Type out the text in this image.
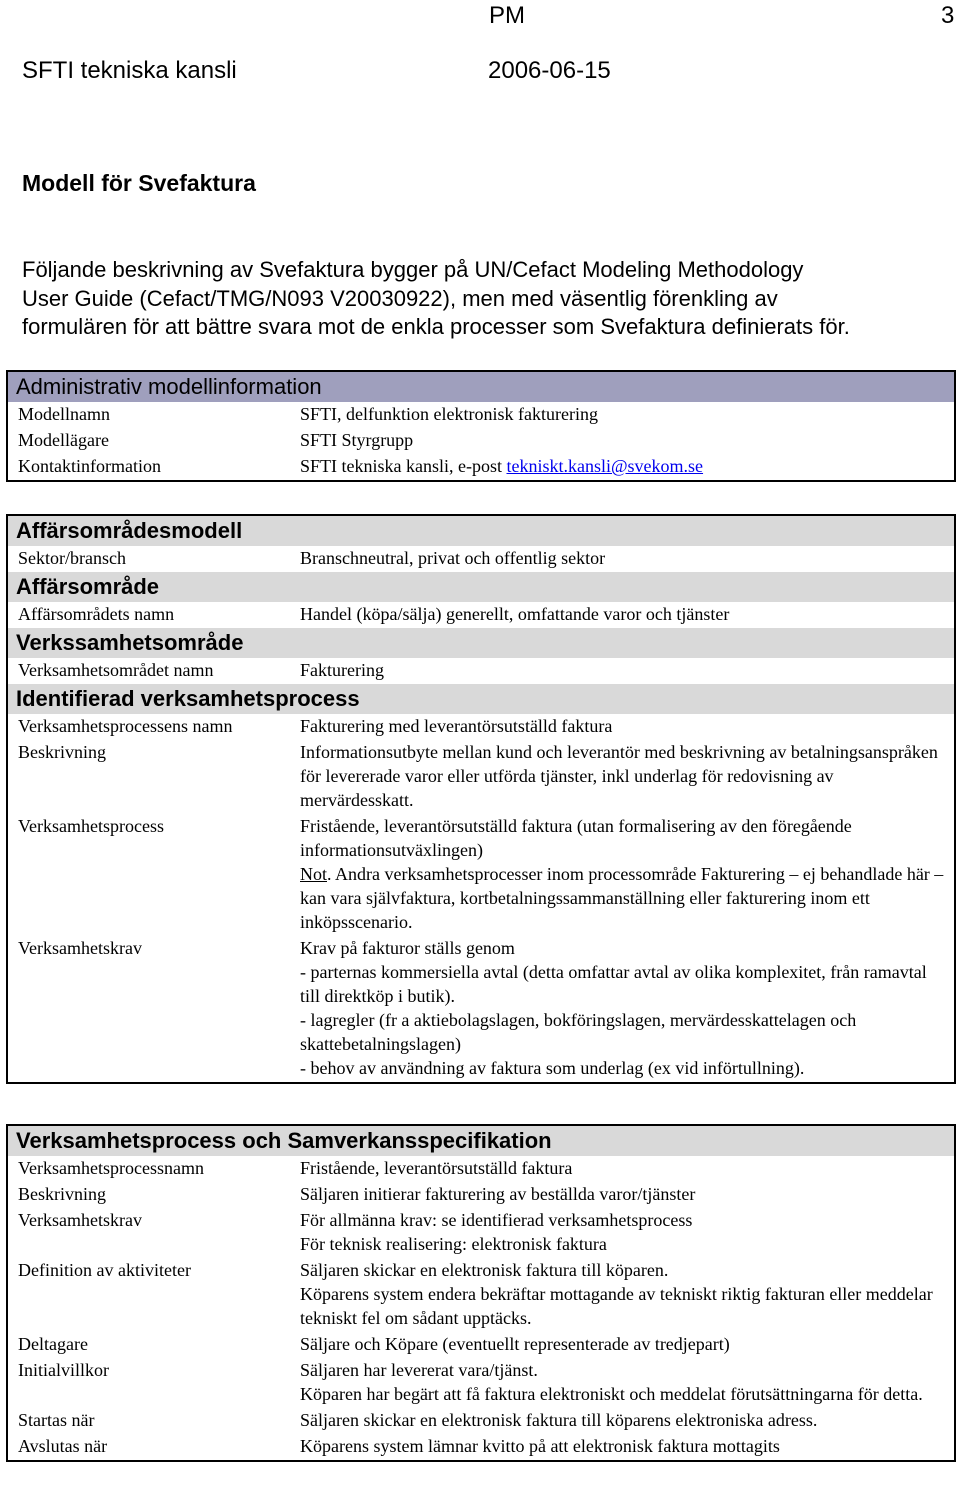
PM	3
SFTI tekniska kansli	2006-06-15
Modell för Svefaktura

Följande beskrivning av Svefaktura bygger på UN/Cefact Modeling Methodology

User Guide (Cefact/TMG/N093 V20030922), men med väsentlig förenkling av

formulären för att bättre svara mot de enkla processer som Svefaktura definierats för.

Administrativ modellinformation	
Modellnamn	SFTI, delfunktion elektronisk fakturering
Modellägare	SFTI Styrgrupp
Kontaktinformation	SFTI tekniska kansli, e-post tekniskt.kansli@svekom.se
Affärsområdesmodell	
Sektor/bransch	Branschneutral, privat och offentlig sektor
Affärsområde	
Affärsområdets namn	Handel (köpa/sälja) generellt, omfattande varor och tjänster
Verkssamhetsområde	
Verksamhetsområdet namn	Fakturering
Identifierad verksamhetsprocess	
Verksamhetsprocessens namn	Fakturering med leverantörsutställd faktura
Beskrivning	Informationsutbyte mellan kund och leverantör med beskrivning av betalningsanspråken för levererade varor eller utförda tjänster, inkl underlag för redovisning av mervärdesskatt.
Verksamhetsprocess	Fristående, leverantörsutställd faktura (utan formalisering av den föregående informationsutväxlingen)
Not. Andra verksamhetsprocesser inom processområde Fakturering – ej behandlade här – kan vara självfaktura, kortbetalningssammanställning eller fakturering inom ett inköpsscenario.

Verksamhetskrav	Krav på fakturor ställs genom
- parternas kommersiella avtal (detta omfattar avtal av olika komplexitet, från ramavtal till direktköp i butik).
- lagregler (fr a aktiebolagslagen, bokföringslagen, mervärdesskattelagen och skattebetalningslagen)
- behov av användning av faktura som underlag (ex vid införtullning).
Verksamhetsprocess och Samverkansspecifikation	
Verksamhetsprocessnamn	Fristående, leverantörsutställd faktura

Beskrivning	Säljaren initierar fakturering av beställda varor/tjänster

Verksamhetskrav	För allmänna krav: se identifierad verksamhetsprocess
För teknisk realisering: elektronisk faktura

Definition av aktiviteter	Säljaren skickar en elektronisk faktura till köparen.
Köparens system endera bekräftar mottagande av tekniskt riktig fakturan eller meddelar tekniskt fel om sådant upptäcks.

Deltagare	Säljare och Köpare (eventuellt representerade av tredjepart)

Initialvillkor	Säljaren har levererat vara/tjänst.
Köparen har begärt att få faktura elektroniskt och meddelat förutsättningarna för detta.

Startas när	Säljaren skickar en elektronisk faktura till köparens elektroniska adress.

Avslutas när	Köparens system lämnar kvitto på att elektronisk faktura mottagits
